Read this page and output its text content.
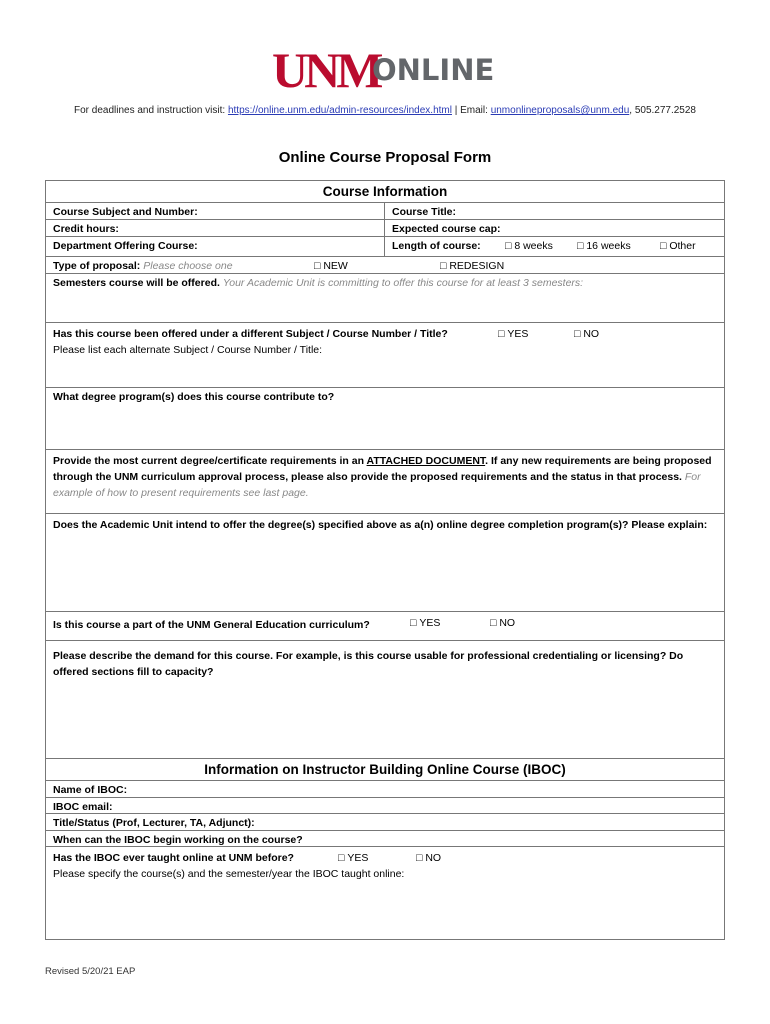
UNM
ONLINE
For deadlines and instruction visit: https://online.unm.edu/admin-resources/index.html | Email: unmonlineproposals@unm.edu, 505.277.2528
Online Course Proposal Form
Course Information
Course Subject and Number:	Course Title:
Credit hours:	Expected course cap:
Department Offering Course:	Length of course:	□ 8 weeks	□ 16 weeks	□ Other
Type of proposal: Please choose one	□ NEW	□ REDESIGN
Semesters course will be offered. Your Academic Unit is committing to offer this course for at least 3 semesters:
Has this course been offered under a different Subject / Course Number / Title?	□ YES	□ NO
Please list each alternate Subject / Course Number / Title:
What degree program(s) does this course contribute to?
Provide the most current degree/certificate requirements in an ATTACHED DOCUMENT. If any new requirements are being proposed through the UNM curriculum approval process, please also provide the proposed requirements and the status in that process. For example of how to present requirements see last page.
Does the Academic Unit intend to offer the degree(s) specified above as a(n) online degree completion program(s)? Please explain:
Is this course a part of the UNM General Education curriculum?	□ YES	□ NO
Please describe the demand for this course. For example, is this course usable for professional credentialing or licensing? Do offered sections fill to capacity?
Information on Instructor Building Online Course (IBOC)
Name of IBOC:
IBOC email:
Title/Status (Prof, Lecturer, TA, Adjunct):
When can the IBOC begin working on the course?
Has the IBOC ever taught online at UNM before?	□ YES	□ NO
Please specify the course(s) and the semester/year the IBOC taught online:
Revised 5/20/21 EAP
